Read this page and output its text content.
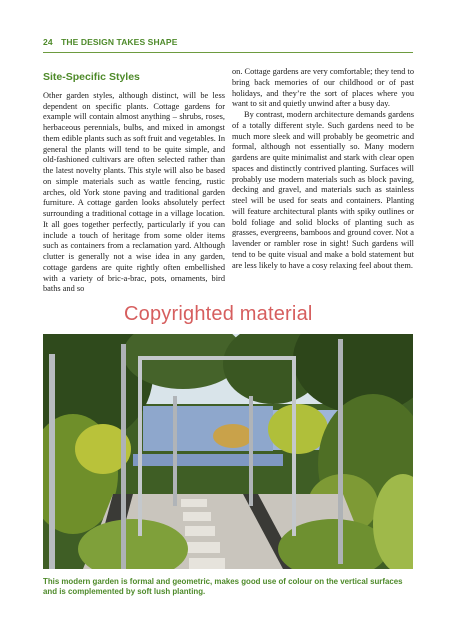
24 THE DESIGN TAKES SHAPE
Site-Specific Styles

Other garden styles, although distinct, will be less dependent on specific plants. Cottage gardens for example will contain almost anything – shrubs, roses, herbaceous perennials, bulbs, and mixed in amongst them edible plants such as soft fruit and vegetables. In general the plants will tend to be quite simple, and old-fashioned cultivars are often selected rather than the latest novelty plants. This style will also be based on simple materials such as wattle fencing, rustic arches, old York stone paving and traditional garden furniture. A cottage garden looks absolutely perfect surrounding a traditional cottage in a village location. It all goes together perfectly, particularly if you can include a touch of heritage from some older items such as containers from a reclamation yard. Although clutter is generally not a wise idea in any garden, cottage gardens are quite rightly often embellished with a variety of bric-a-brac, pots, ornaments, bird baths and so

on. Cottage gardens are very comfortable; they tend to bring back memories of our childhood or of past holidays, and they’re the sort of places where you want to sit and quietly unwind after a busy day.

By contrast, modern architecture demands gardens of a totally different style. Such gardens need to be much more sleek and will probably be geometric and formal, although not essentially so. Many modern gardens are quite minimalist and stark with clear open spaces and distinctly contrived planting. Surfaces will probably use modern materials such as block paving, decking and gravel, and materials such as stainless steel will be used for seats and containers. Planting will feature architectural plants with spiky outlines or bold foliage and solid blocks of planting such as grasses, evergreens, bamboos and ground cover. Not a lavender or rambler rose in sight! Such gardens will tend to be quite visual and make a bold statement but are less likely to have a cosy relaxing feel about them.

Copyrighted material
This modern garden is formal and geometric, makes good use of colour on the vertical surfaces and is complemented by soft lush planting.
